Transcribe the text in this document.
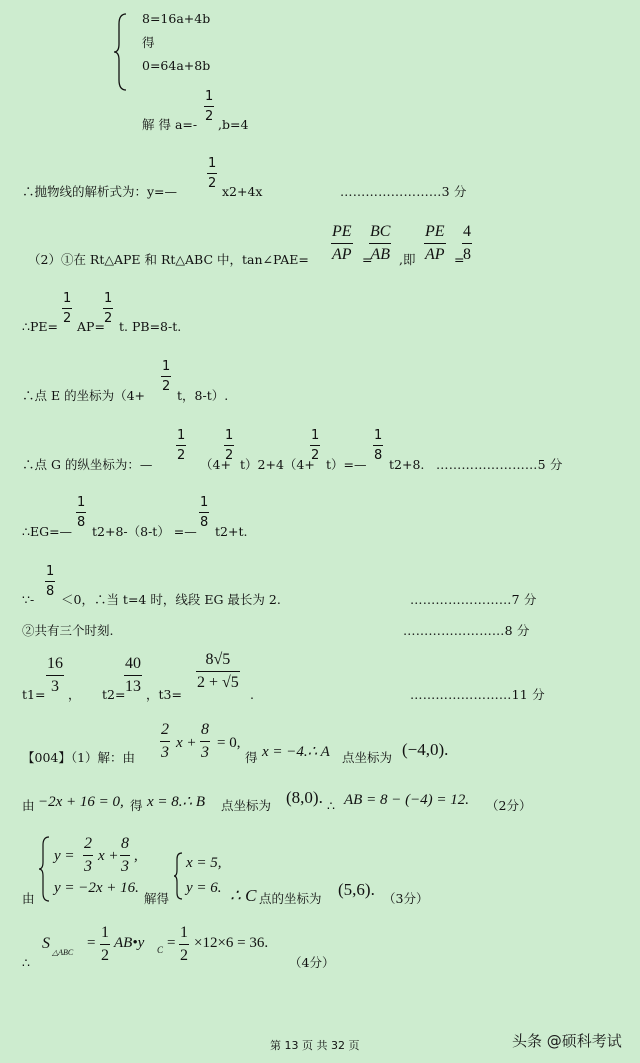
8=16a+4b
得
0=64a+8b
解 得 a=-
1
2
,b=4
∴抛物线的解析式为：y=—
1
2
x2+4x	……………………3 分
（2）①在 Rt△APE 和 Rt△ABC 中，tan∠PAE=
PE
AP =
BC
AB ,即
PE
AP =
4
8
∴PE=
1
2
AP=
1
2
t. PB=8-t.
∴点 E 的坐标为（4+
1
2
t，8-t）.
∴点 G 的纵坐标为：—
1
2
（4+
1
2
t）2+4（4+
1
2
t）=—
1
8
t2+8. ……………………5 分
∴EG=—
1
8
t2+8-（8-t） =—
1
8
t2+t.
∵-
1
8
＜0，∴当 t=4 时，线段 EG 最长为 2.	……………………7 分
②共有三个时刻.	……………………8 分
t1=
16
3 ， t2=
40
13 ，t3=
8√5
2 + √5
.	……………………11 分
【004】（1）解：由
2
3
x +
8
3
= 0,
得 x = −4.∴ A 点坐标为 (−4,0).
由 −2x + 16 = 0, 得 x = 8.∴ B 点坐标为 (8,0). ∴ AB = 8 − (−4) = 12. （2分）
y =
2
3
x +
8
3
,
由
y = −2x + 16.
解得
x = 5,
y = 6. ∴ C 点的坐标为 (5,6). （3分）
S
△ABC
=
1
2
AB•y C =
1
2
×12×6 = 36.
（4分）
∴
第 13 页 共 32 页	头条 @硕科考试
